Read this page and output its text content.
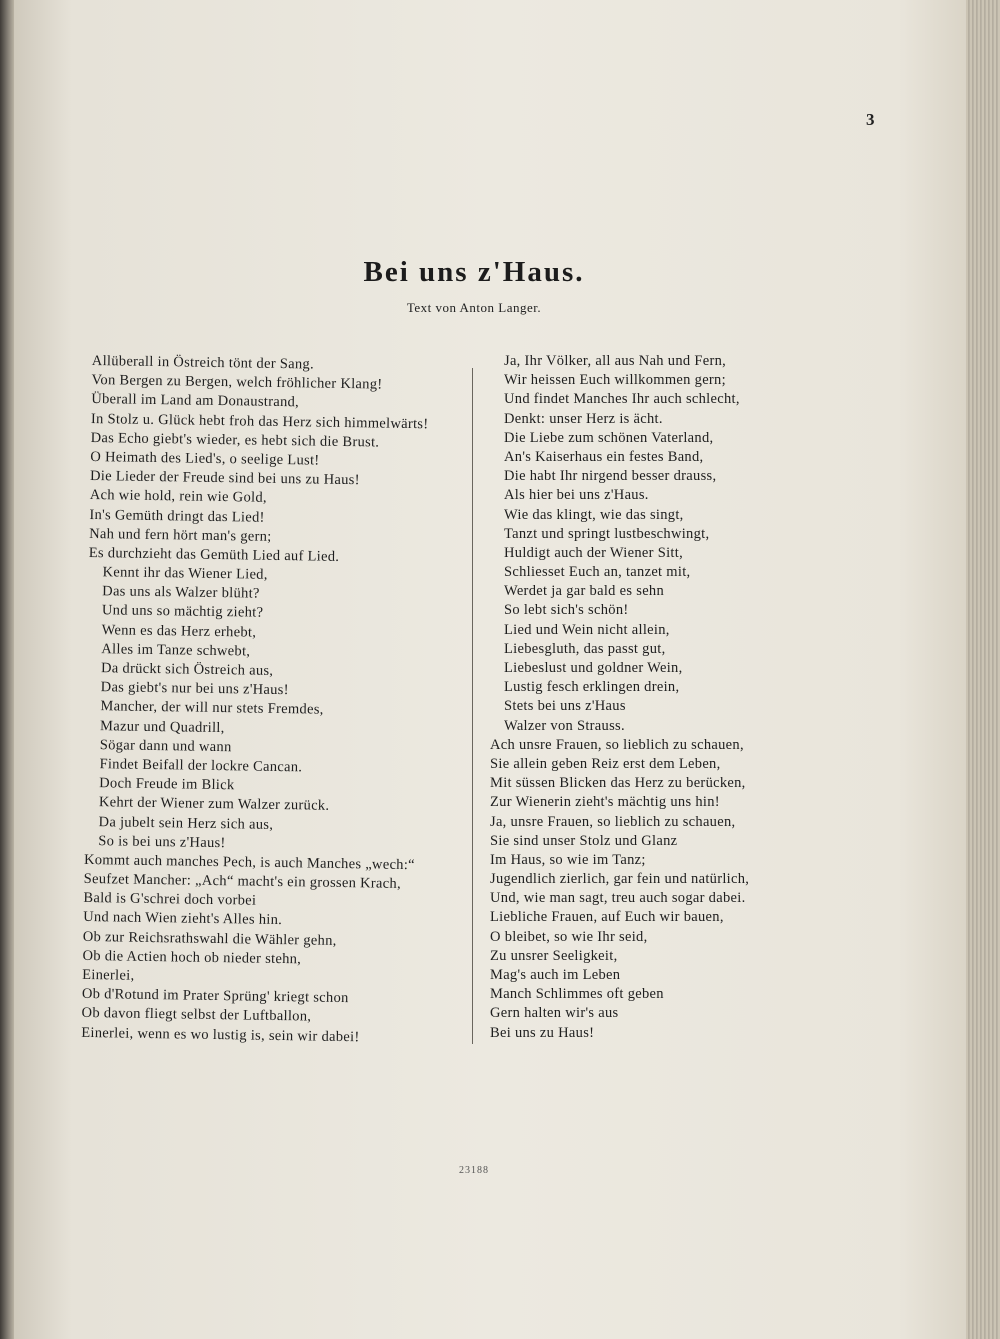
3
Bei uns z'Haus.
Text von Anton Langer.
Allüberall in Östreich tönt der Sang.
Von Bergen zu Bergen, welch fröhlicher Klang!
Überall im Land am Donaustrand,
In Stolz u. Glück hebt froh das Herz sich himmelwärts!
Das Echo giebt's wieder, es hebt sich die Brust.
O Heimath des Lied's, o seelige Lust!
Die Lieder der Freude sind bei uns zu Haus!
Ach wie hold, rein wie Gold,
In's Gemüth dringt das Lied!
Nah und fern hört man's gern;
Es durchzieht das Gemüth Lied auf Lied.
Kennt ihr das Wiener Lied,
Das uns als Walzer blüht?
Und uns so mächtig zieht?
Wenn es das Herz erhebt,
Alles im Tanze schwebt,
Da drückt sich Östreich aus,
Das giebt's nur bei uns z'Haus!
Mancher, der will nur stets Fremdes,
Mazur und Quadrill,
Sögar dann und wann
Findet Beifall der lockre Cancan.
Doch Freude im Blick
Kehrt der Wiener zum Walzer zurück.
Da jubelt sein Herz sich aus,
So is bei uns z'Haus!
Kommt auch manches Pech, is auch Manches „wech:“
Seufzet Mancher: „Ach“ macht's ein grossen Krach,
Bald is G'schrei doch vorbei
Und nach Wien zieht's Alles hin.
Ob zur Reichsrathswahl die Wähler gehn,
Ob die Actien hoch ob nieder stehn,
Einerlei,
Ob d'Rotund im Prater Sprüng' kriegt schon
Ob davon fliegt selbst der Luftballon,
Einerlei, wenn es wo lustig is, sein wir dabei!
Ja, Ihr Völker, all aus Nah und Fern,
Wir heissen Euch willkommen gern;
Und findet Manches Ihr auch schlecht,
Denkt: unser Herz is ächt.
Die Liebe zum schönen Vaterland,
An's Kaiserhaus ein festes Band,
Die habt Ihr nirgend besser drauss,
Als hier bei uns z'Haus.
Wie das klingt, wie das singt,
Tanzt und springt lustbeschwingt,
Huldigt auch der Wiener Sitt,
Schliesset Euch an, tanzet mit,
Werdet ja gar bald es sehn
So lebt sich's schön!
Lied und Wein nicht allein,
Liebesgluth, das passt gut,
Liebeslust und goldner Wein,
Lustig fesch erklingen drein,
Stets bei uns z'Haus
Walzer von Strauss.
Ach unsre Frauen, so lieblich zu schauen,
Sie allein geben Reiz erst dem Leben,
Mit süssen Blicken das Herz zu berücken,
Zur Wienerin zieht's mächtig uns hin!
Ja, unsre Frauen, so lieblich zu schauen,
Sie sind unser Stolz und Glanz
Im Haus, so wie im Tanz;
Jugendlich zierlich, gar fein und natürlich,
Und, wie man sagt, treu auch sogar dabei.
Liebliche Frauen, auf Euch wir bauen,
O bleibet, so wie Ihr seid,
Zu unsrer Seeligkeit,
Mag's auch im Leben
Manch Schlimmes oft geben
Gern halten wir's aus
Bei uns zu Haus!
23188
